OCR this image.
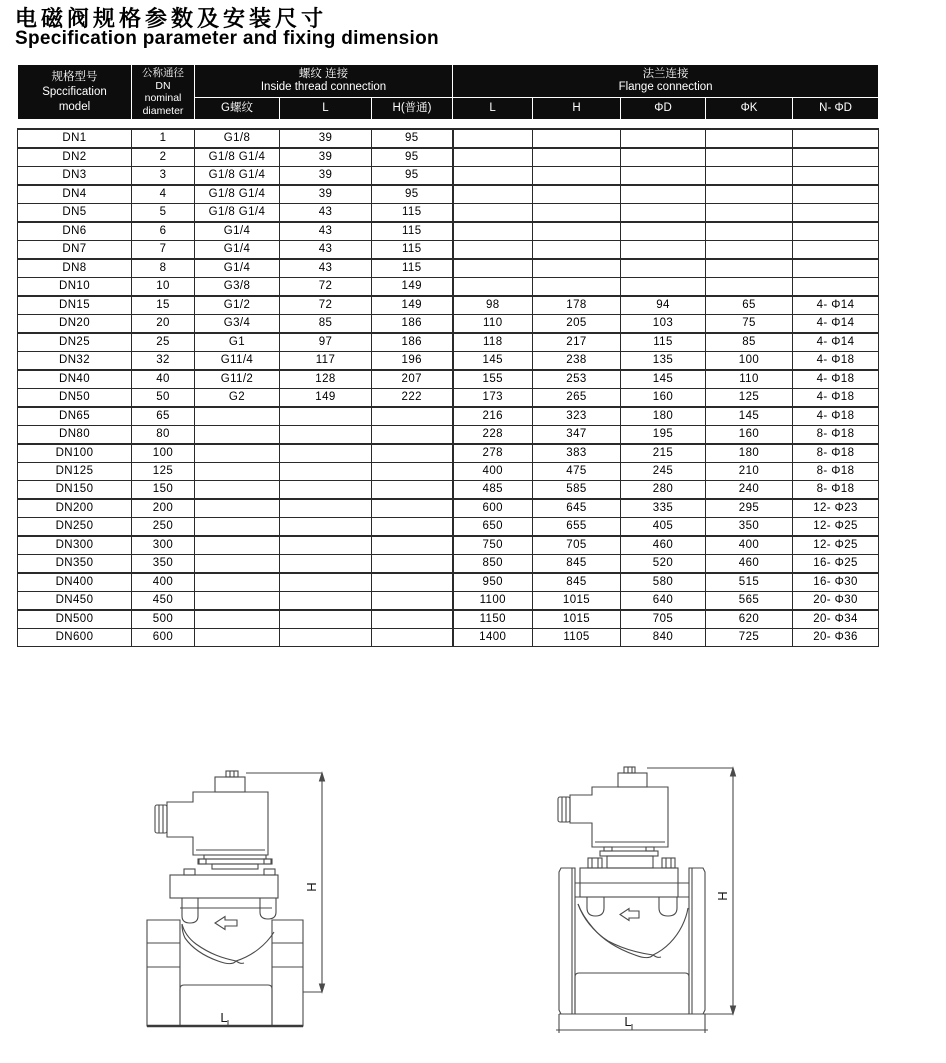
电磁阀规格参数及安装尺寸
Specification parameter and fixing dimension
规格型号
Spccification
model

公称通径
DN
nominal
diameter

螺纹 连接
Inside thread connection

法兰连接
Flange connection

		G螺纹	L	H(普通)	L	H	ΦD	ΦK	N- ΦD
DN1	1	G1/8	39	95					
DN2	2	G1/8 G1/4	39	95					
DN3	3	G1/8 G1/4	39	95					
DN4	4	G1/8 G1/4	39	95					
DN5	5	G1/8 G1/4	43	115					
DN6	6	G1/4	43	115					
DN7	7	G1/4	43	115					
DN8	8	G1/4	43	115					
DN10	10	G3/8	72	149					
DN15	15	G1/2	72	149	98	178	94	65	4- Φ14
DN20	20	G3/4	85	186	110	205	103	75	4- Φ14
DN25	25	G1	97	186	118	217	115	85	4- Φ14
DN32	32	G11/4	117	196	145	238	135	100	4- Φ18
DN40	40	G11/2	128	207	155	253	145	110	4- Φ18
DN50	50	G2	149	222	173	265	160	125	4- Φ18
DN65	65				216	323	180	145	4- Φ18
DN80	80				228	347	195	160	8- Φ18
DN100	100				278	383	215	180	8- Φ18
DN125	125				400	475	245	210	8- Φ18
DN150	150				485	585	280	240	8- Φ18
DN200	200				600	645	335	295	12- Φ23
DN250	250				650	655	405	350	12- Φ25
DN300	300				750	705	460	400	12- Φ25
DN350	350				850	845	520	460	16- Φ25
DN400	400				950	845	580	515	16- Φ30
DN450	450				1100	1015	640	565	20- Φ30
DN500	500				1150	1015	705	620	20- Φ34
DN600	600				1400	1105	840	725	20- Φ36
H
L
H
L
